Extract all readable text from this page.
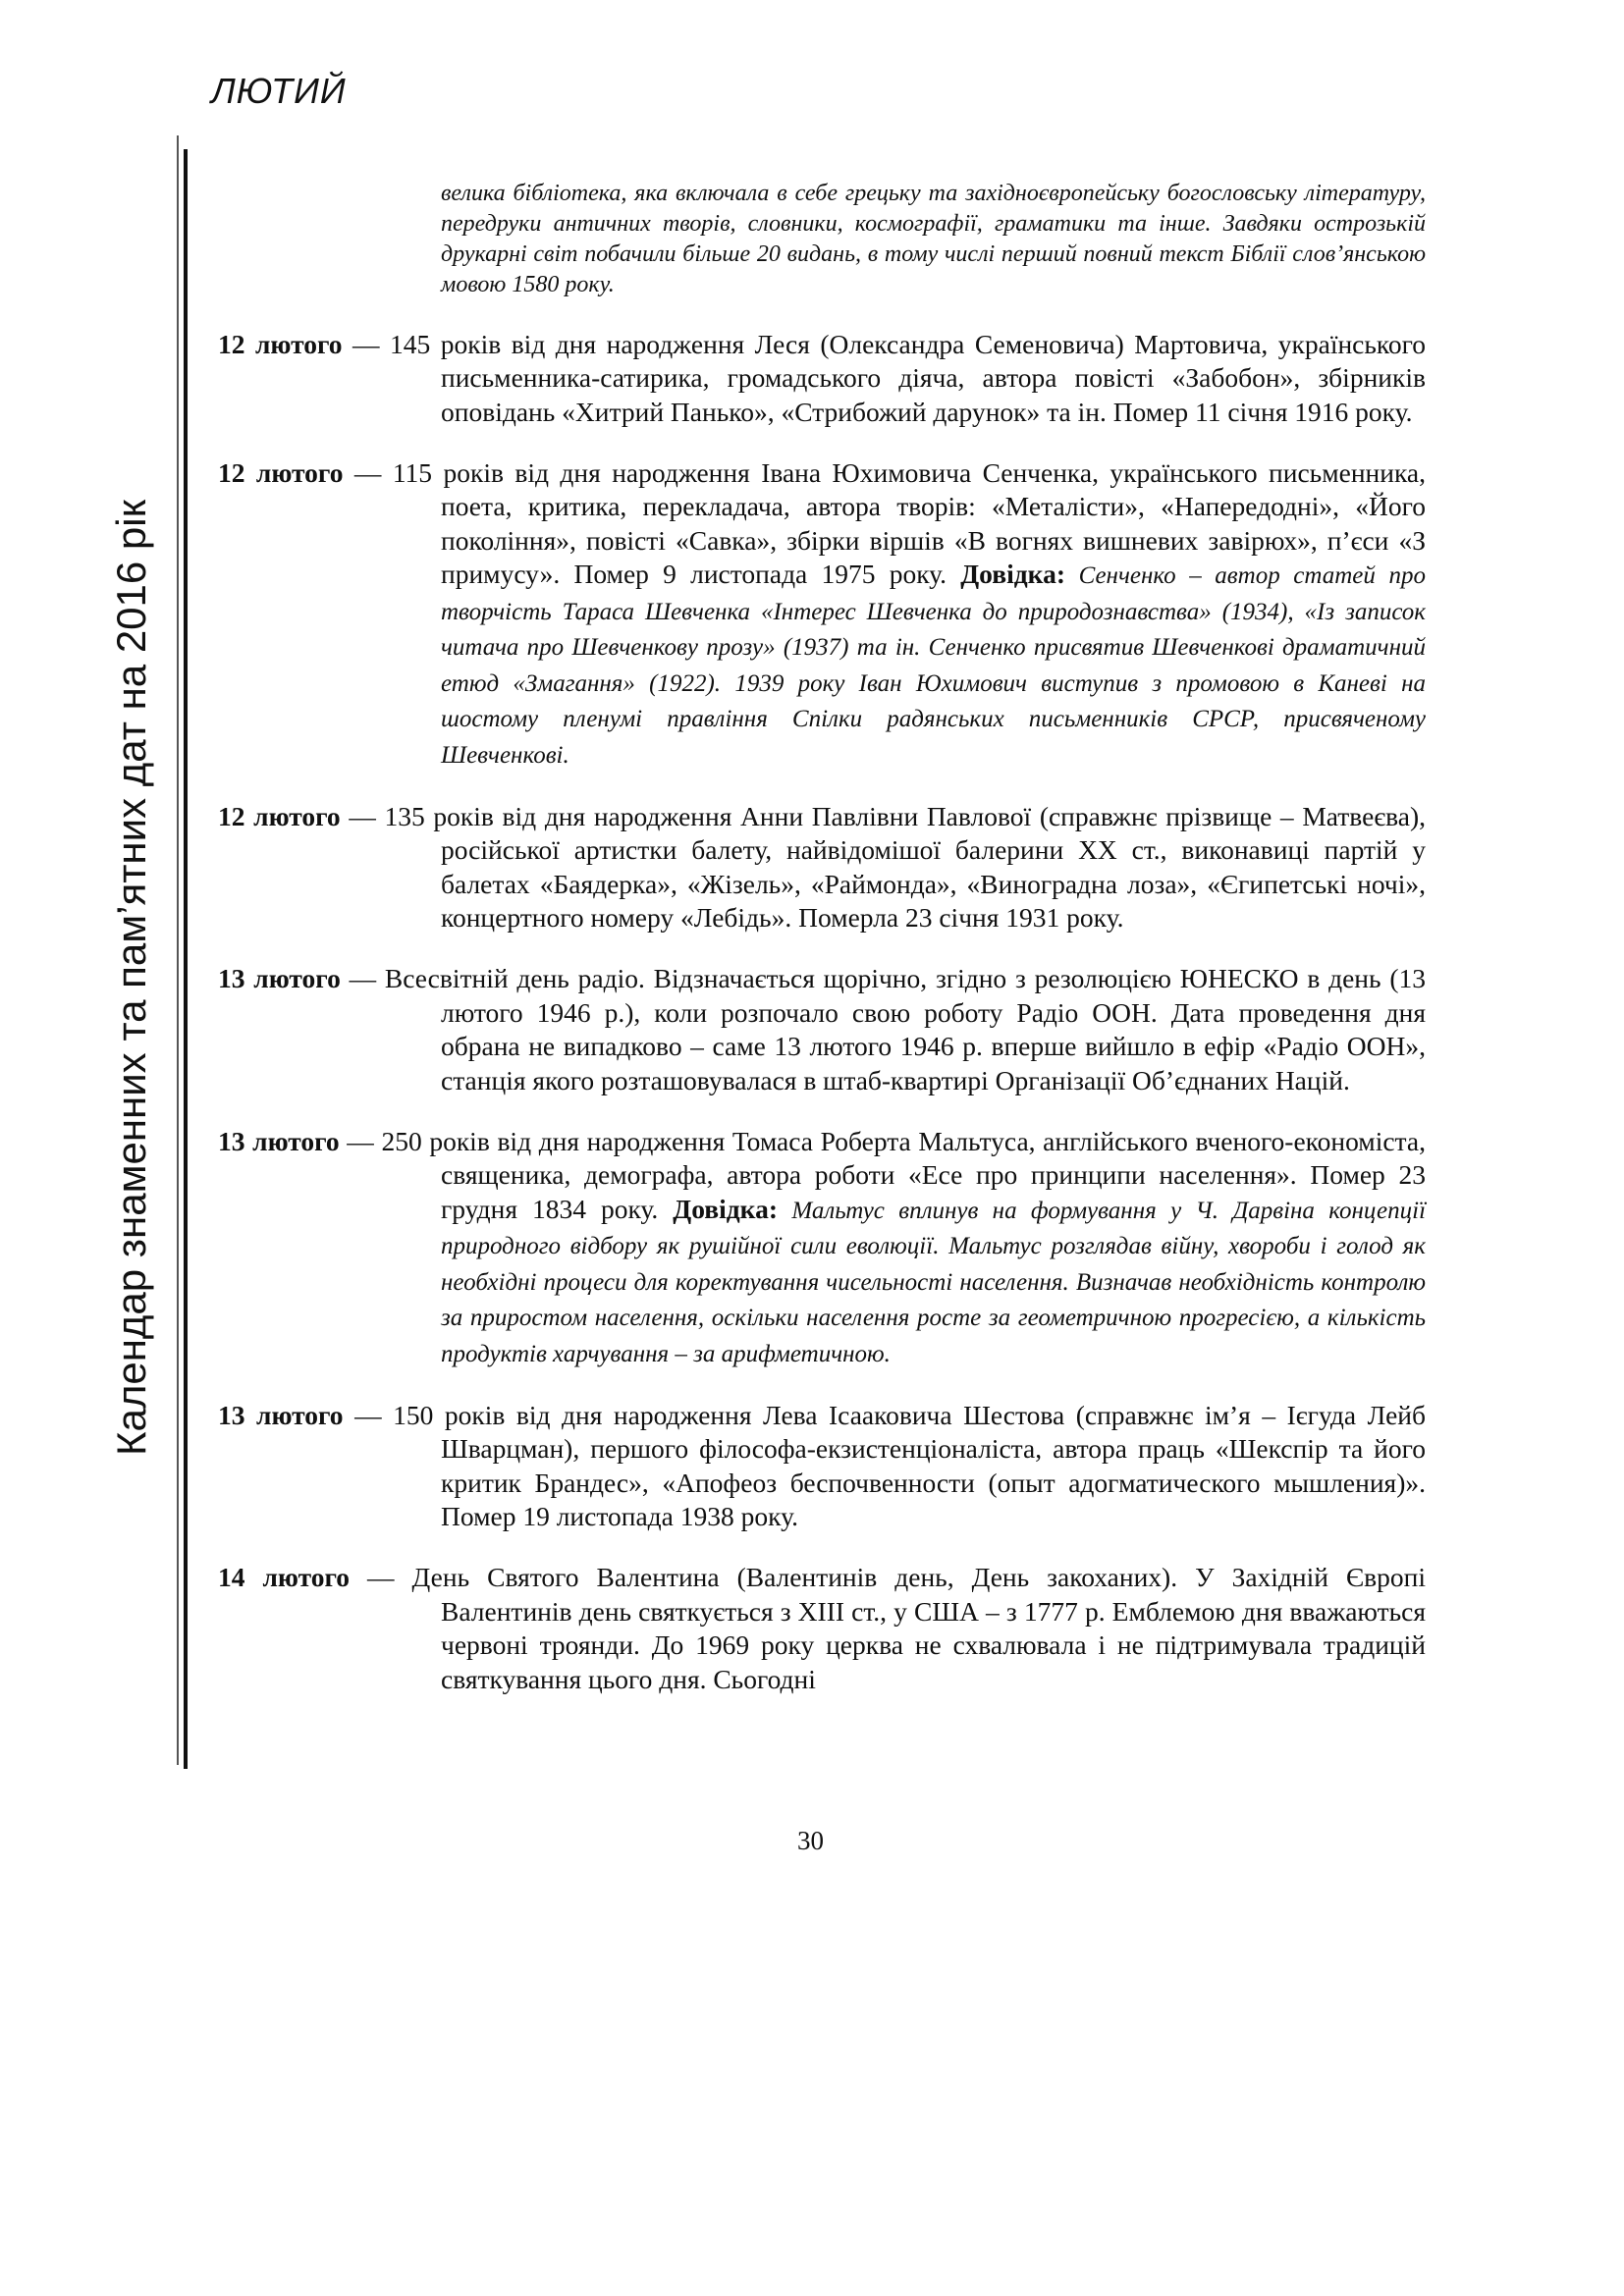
ЛЮТИЙ
Календар знаменних та пам’ятних дат на 2016 рік

велика бібліотека, яка включала в себе грецьку та західноєвропейську богословську літературу, передруки античних творів, словники, космографії, граматики та інше. Завдяки острозькій друкарні світ побачили більше 20 видань, в тому числі перший повний текст Біблії слов’янською мовою 1580 року.

12 лютого — 145 років від дня народження Леся (Олександра Семеновича) Мартовича, українського письменника-сатирика, громадського діяча, автора повісті «Забобон», збірників оповідань «Хитрий Панько», «Стрибожий дарунок» та ін. Помер 11 січня 1916 року.

12 лютого — 115 років від дня народження Івана Юхимовича Сенченка, українського письменника, поета, критика, перекладача, автора творів: «Металісти», «Напередодні», «Його покоління», повісті «Савка», збірки віршів «В вогнях вишневих завірюх», п’єси «З примусу». Помер 9 листопада 1975 року. Довідка: Сенченко – автор статей про творчість Тараса Шевченка «Інтерес Шевченка до природознавства» (1934), «Із записок читача про Шевченкову прозу» (1937) та ін. Сенченко присвятив Шевченкові драматичний етюд «Змагання» (1922). 1939 року Іван Юхимович виступив з промовою в Каневі на шостому пленумі правління Спілки радянських письменників СРСР, присвяченому Шевченкові.

12 лютого — 135 років від дня народження Анни Павлівни Павлової (справжнє прізвище – Матвеєва), російської артистки балету, найвідомішої балерини ХХ ст., виконавиці партій у балетах «Баядерка», «Жізель», «Раймонда», «Виноградна лоза», «Єгипетські ночі», концертного номеру «Лебідь». Померла 23 січня 1931 року.

13 лютого — Всесвітній день радіо. Відзначається щорічно, згідно з резолюцією ЮНЕСКО в день (13 лютого 1946 р.), коли розпочало свою роботу Радіо ООН. Дата проведення дня обрана не випадково – саме 13 лютого 1946 р. вперше вийшло в ефір «Радіо ООН», станція якого розташовувалася в штаб-квартирі Організації Об’єднаних Націй.

13 лютого — 250 років від дня народження Томаса Роберта Мальтуса, англійського вченого-економіста, священика, демографа, автора роботи «Есе про принципи населення». Помер 23 грудня 1834 року. Довідка: Мальтус вплинув на формування у Ч. Дарвіна концепції природного відбору як рушійної сили еволюції. Мальтус розглядав війну, хвороби і голод як необхідні процеси для коректування чисельності населення. Визначав необхідність контролю за приростом населення, оскільки населення росте за геометричною прогресією, а кількість продуктів харчування – за арифметичною.

13 лютого — 150 років від дня народження Лева Ісааковича Шестова (справжнє ім’я – Ієгуда Лейб Шварцман), першого філософа-екзистенціоналіста, автора праць «Шекспір та його критик Брандес», «Апофеоз беспочвенности (опыт адогматического мышления)». Помер 19 листопада 1938 року.

14 лютого — День Святого Валентина (Валентинів день, День закоханих). У Західній Європі Валентинів день святкується з ХІІІ ст., у США – з 1777 р. Емблемою дня вважаються червоні троянди. До 1969 року церква не схвалювала і не підтримувала традицій святкування цього дня. Сьогодні

30
